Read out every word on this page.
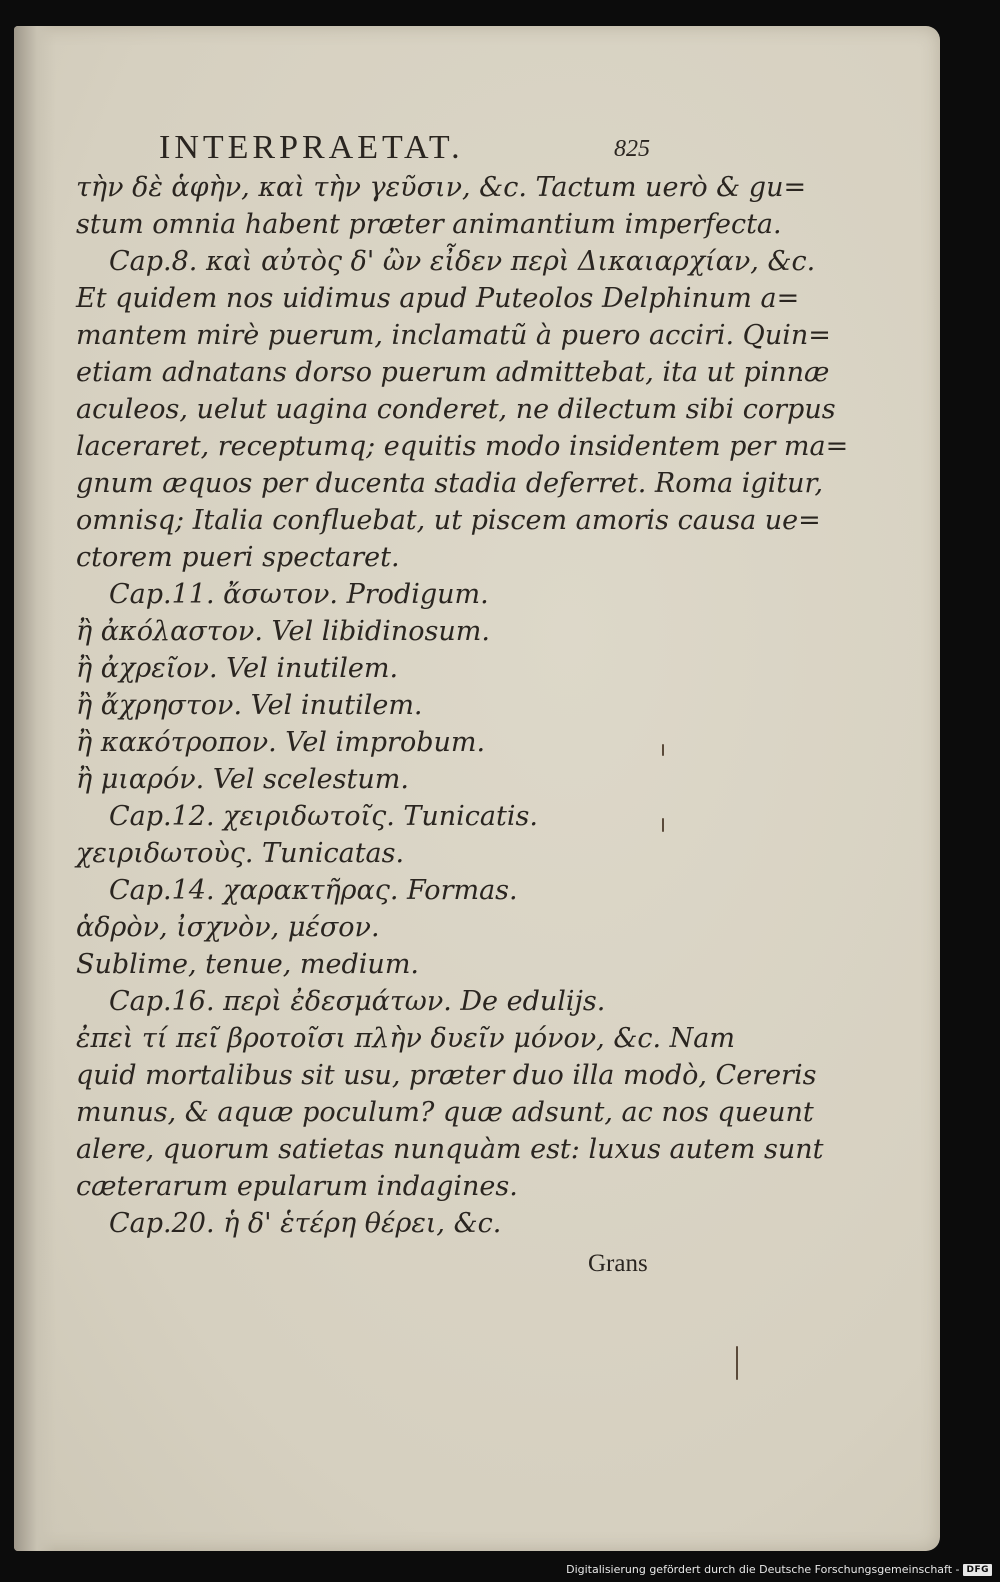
INTERPRAETAT.	825
τὴν δὲ ἁφὴν, καὶ τὴν γεῦσιν, &c. Tactum uerò & gu=
stum omnia habent præter animantium imperfecta.
Cap.8. καὶ αὐτὸς δ' ὢν εἶδεν περὶ Δικαιαρχίαν, &c.
Et quidem nos uidimus apud Puteolos Delphinum a=
mantem mirè puerum, inclamatũ à puero acciri. Quin=
etiam adnatans dorso puerum admittebat, ita ut pinnæ
aculeos, uelut uagina conderet, ne dilectum sibi corpus
laceraret, receptumq; equitis modo insidentem per ma=
gnum æquos per ducenta stadia deferret. Roma igitur,
omnisq; Italia confluebat, ut piscem amoris causa ue=
ctorem pueri spectaret.
Cap.11. ἄσωτον. Prodigum.
ἢ ἀκόλαστον. Vel libidinosum.
ἢ ἀχρεῖον. Vel inutilem.
ἢ ἄχρηστον. Vel inutilem.
ἢ κακότροπον. Vel improbum.
ἢ μιαρόν. Vel scelestum.
Cap.12. χειριδωτοῖς. Tunicatis.
χειριδωτοὺς. Tunicatas.
Cap.14. χαρακτῆρας. Formas.
ἁδρὸν, ἰσχνὸν, μέσον.
Sublime, tenue, medium.
Cap.16. περὶ ἐδεσμάτων. De edulijs.
ἐπεὶ τί πεῖ βροτοῖσι πλὴν δυεῖν μόνον, &c. Nam
quid mortalibus sit usu, præter duo illa modò, Cereris
munus, & aquæ poculum? quæ adsunt, ac nos queunt
alere, quorum satietas nunquàm est: luxus autem sunt
cæterarum epularum indagines.
Cap.20. ἡ δ' ἑτέρη θέρει, &c.
Grans
Digitalisierung gefördert durch die Deutsche Forschungsgemeinschaft - DFG
